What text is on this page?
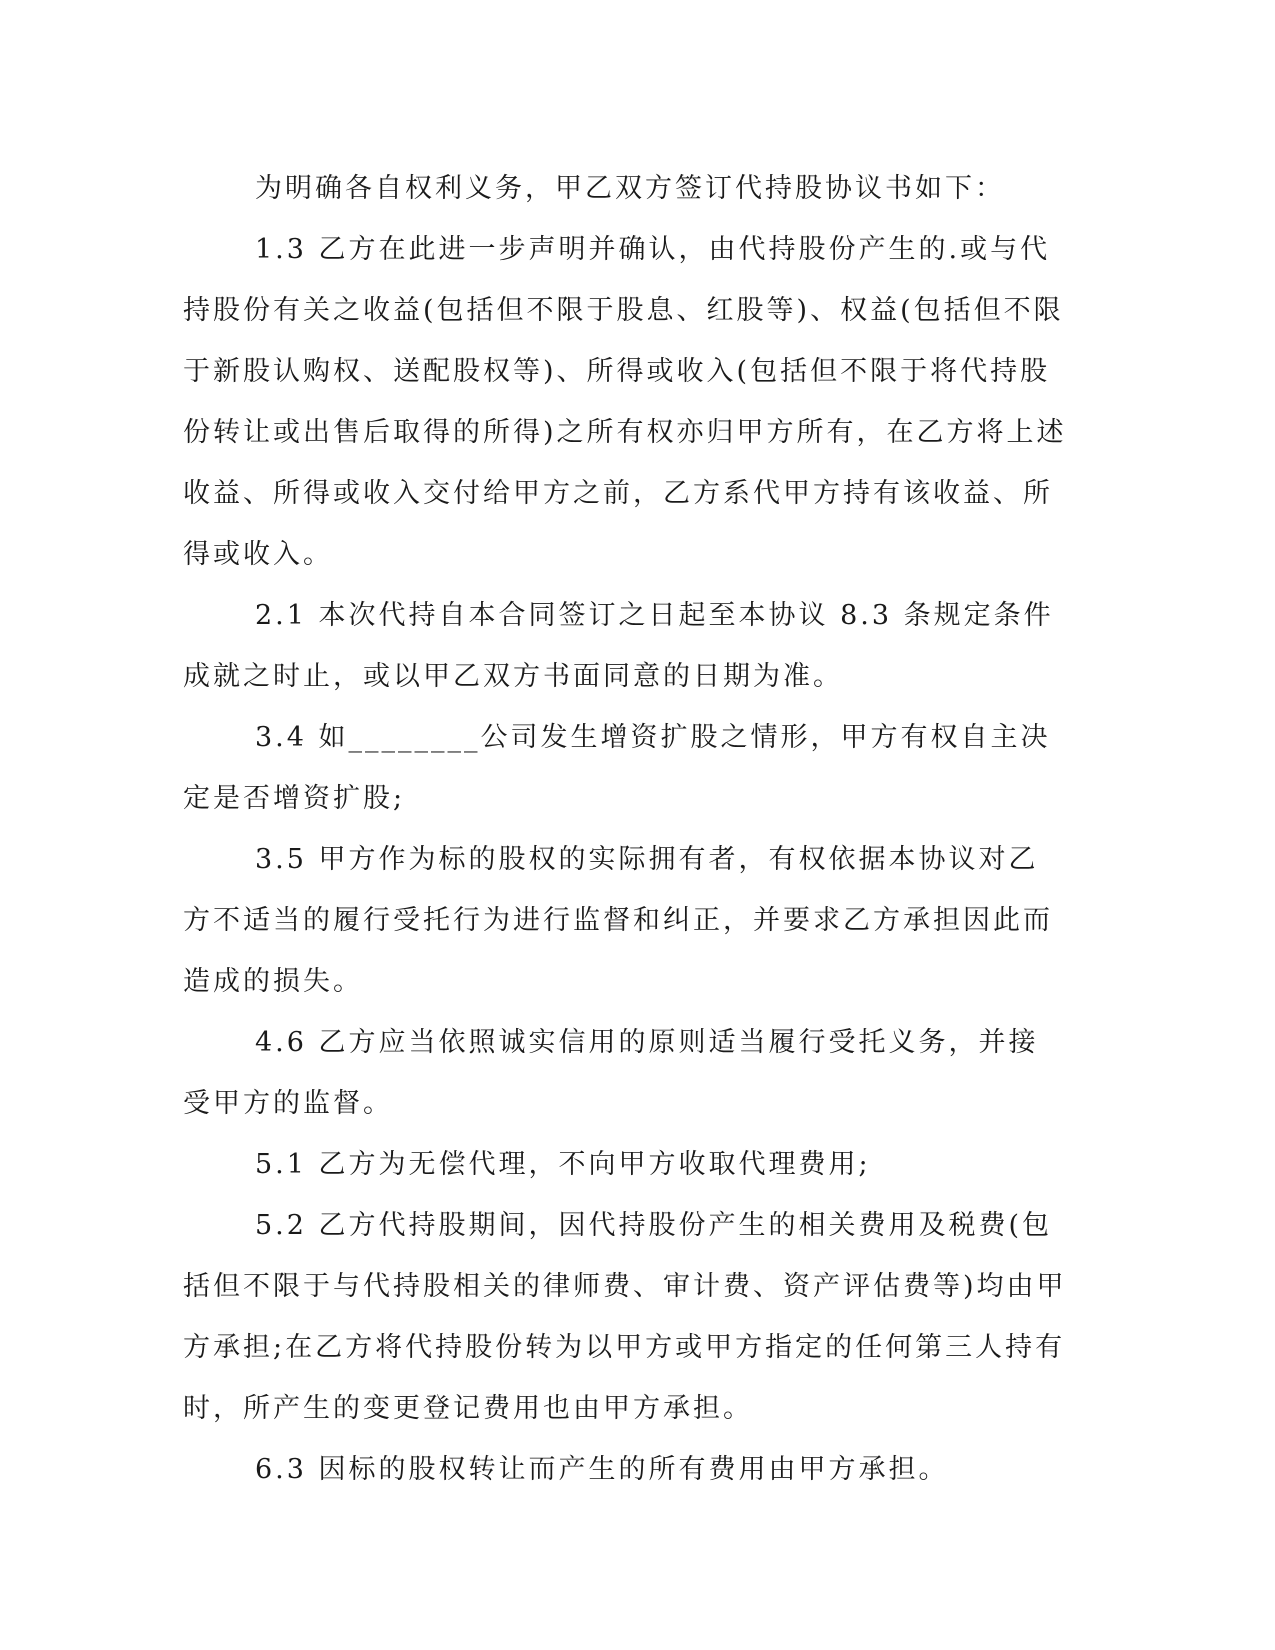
为明确各自权利义务，甲乙双方签订代持股协议书如下：

1.3 乙方在此进一步声明并确认，由代持股份产生的.或与代持股份有关之收益(包括但不限于股息、红股等)、权益(包括但不限于新股认购权、送配股权等)、所得或收入(包括但不限于将代持股份转让或出售后取得的所得)之所有权亦归甲方所有，在乙方将上述收益、所得或收入交付给甲方之前，乙方系代甲方持有该收益、所得或收入。

2.1 本次代持自本合同签订之日起至本协议 8.3 条规定条件成就之时止，或以甲乙双方书面同意的日期为准。

3.4 如________公司发生增资扩股之情形，甲方有权自主决定是否增资扩股;

3.5 甲方作为标的股权的实际拥有者，有权依据本协议对乙方不适当的履行受托行为进行监督和纠正，并要求乙方承担因此而造成的损失。

4.6 乙方应当依照诚实信用的原则适当履行受托义务，并接受甲方的监督。

5.1 乙方为无偿代理，不向甲方收取代理费用;

5.2 乙方代持股期间，因代持股份产生的相关费用及税费(包括但不限于与代持股相关的律师费、审计费、资产评估费等)均由甲方承担;在乙方将代持股份转为以甲方或甲方指定的任何第三人持有时，所产生的变更登记费用也由甲方承担。

6.3 因标的股权转让而产生的所有费用由甲方承担。
